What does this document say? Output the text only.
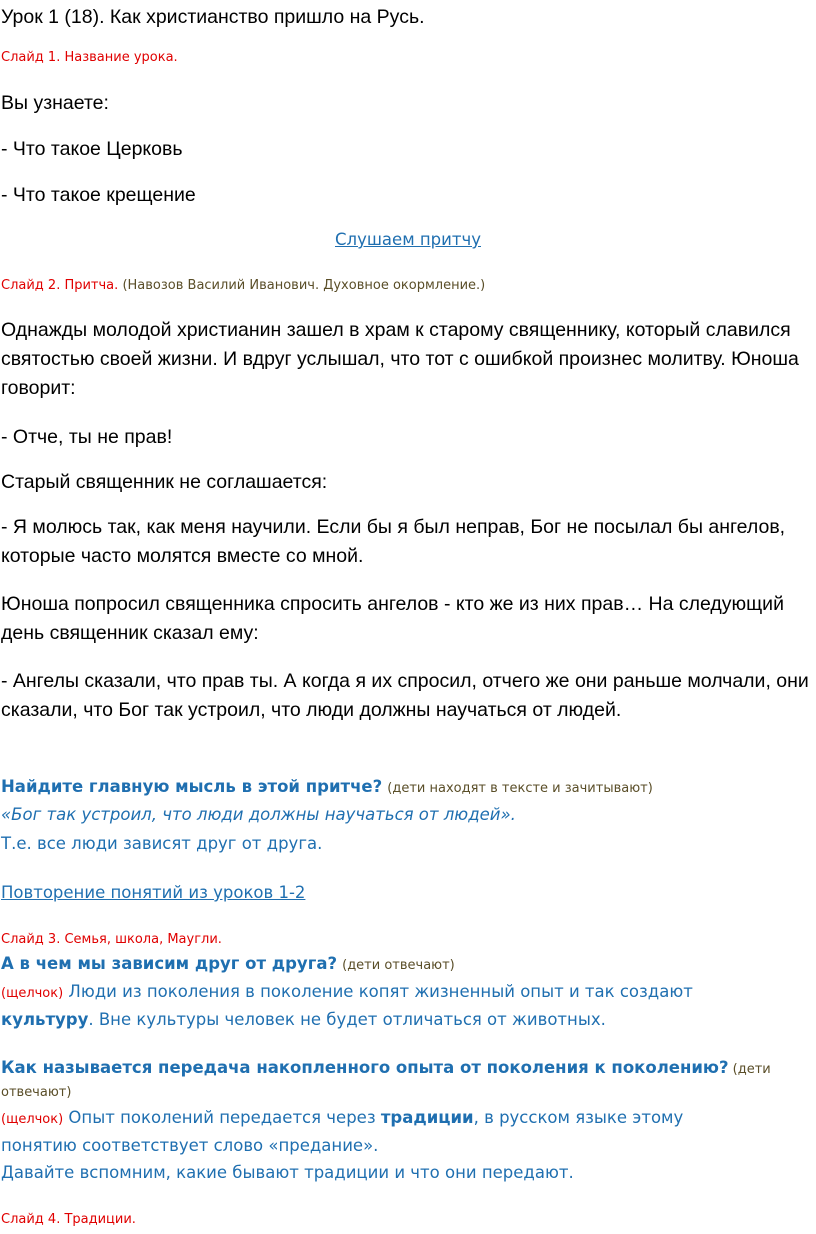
Урок 1 (18). Как христианство пришло на Русь.
Слайд 1. Название урока.
Вы узнаете:
- Что такое Церковь
- Что такое крещение
Слушаем притчу
Слайд 2. Притча. (Навозов Василий Иванович. Духовное окормление.)
Однажды молодой христианин зашел в храм к старому священнику, который славился святостью своей жизни. И вдруг услышал, что тот с ошибкой произнес молитву. Юноша говорит:
- Отче, ты не прав!
Старый священник не соглашается:
- Я молюсь так, как меня научили. Если бы я был неправ, Бог не посылал бы ангелов, которые часто молятся вместе со мной.
Юноша попросил священника спросить ангелов - кто же из них прав… На следующий день священник сказал ему:
- Ангелы сказали, что прав ты. А когда я их спросил, отчего же они раньше молчали, они сказали, что Бог так устроил, что люди должны научаться от людей.
Найдите главную мысль в этой притче? (дети находят в тексте и зачитывают)
«Бог так устроил, что люди должны научаться от людей».
Т.е. все люди зависят друг от друга.
Повторение понятий из уроков 1-2
Слайд 3. Семья, школа, Маугли.
А в чем мы зависим друг от друга? (дети отвечают)
(щелчок) Люди из поколения в поколение копят жизненный опыт и так создают
культуру. Вне культуры человек не будет отличаться от животных.
Как называется передача накопленного опыта от поколения к поколению? (дети
отвечают)
(щелчок) Опыт поколений передается через традиции, в русском языке этому
понятию соответствует слово «предание».
Давайте вспомним, какие бывают традиции и что они передают.
Слайд 4. Традиции.
